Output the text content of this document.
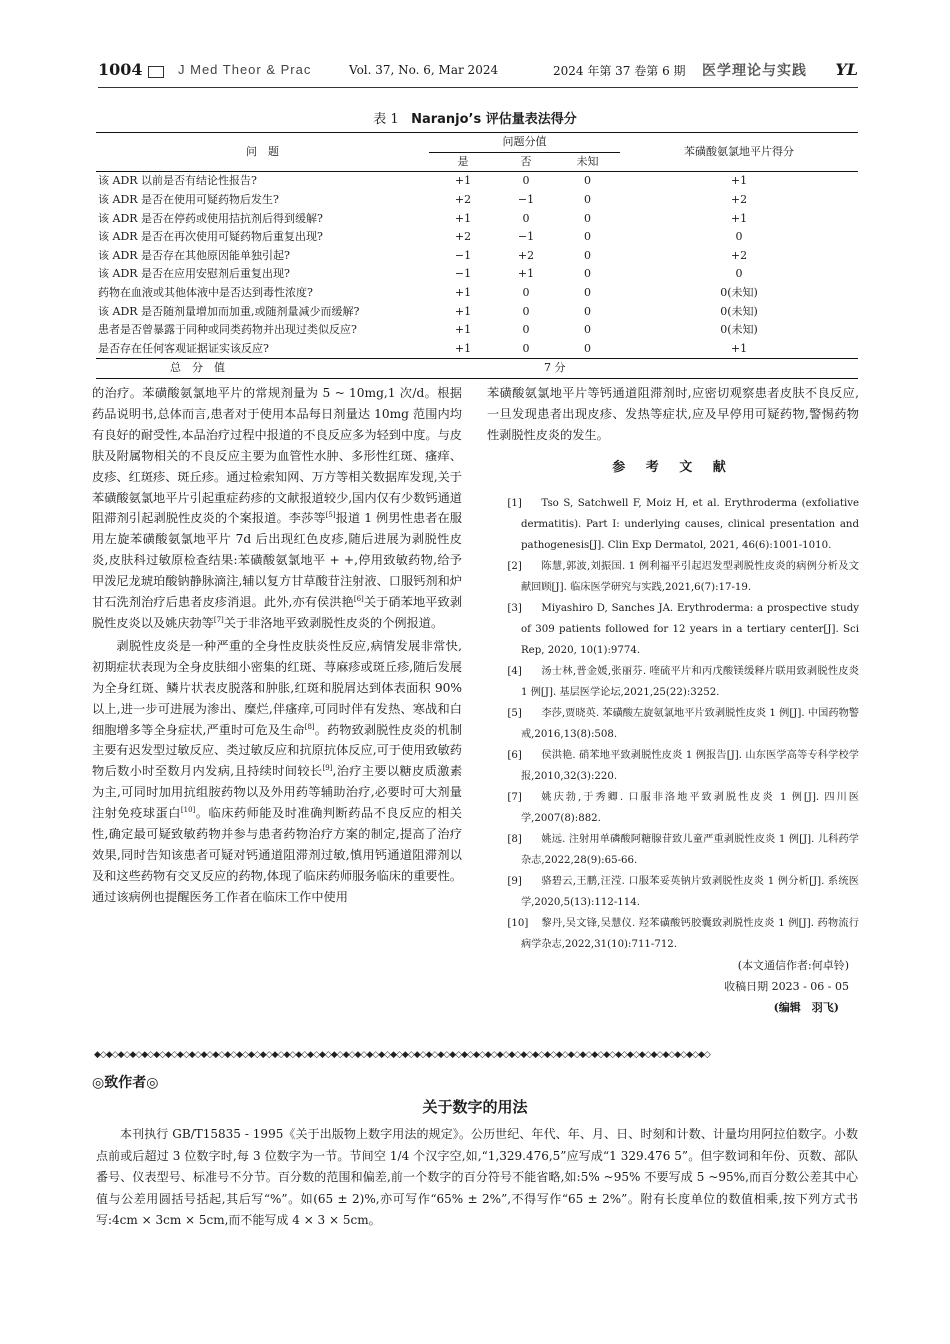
1004	J Med Theor & Prac	Vol. 37, No. 6, Mar 2024	2024 年第 37 卷第 6 期 医学理论与实践 𝒀L
表 1 Naranjo’s 评估量表法得分
问　题	问题分值	苯磺酸氨氯地平片得分
是	否	未知
该 ADR 以前是否有结论性报告?	+1	0	0	+1
该 ADR 是否在使用可疑药物后发生?	+2	−1	0	+2
该 ADR 是否在停药或使用拮抗剂后得到缓解?	+1	0	0	+1
该 ADR 是否在再次使用可疑药物后重复出现?	+2	−1	0	0
该 ADR 是否存在其他原因能单独引起?	−1	+2	0	+2
该 ADR 是否在应用安慰剂后重复出现?	−1	+1	0	0
药物在血液或其他体液中是否达到毒性浓度?	+1	0	0	0(未知)
该 ADR 是否随剂量增加而加重,或随剂量减少而缓解?	+1	0	0	0(未知)
患者是否曾暴露于同种或同类药物并出现过类似反应?	+1	0	0	0(未知)
是否存在任何客观证据证实该反应?	+1	0	0	+1
总　分　值				7 分

的治疗。苯磺酸氨氯地平片的常规剂量为 5 ~ 10mg,1 次/d。根据药品说明书,总体而言,患者对于使用本品每日剂量达 10mg 范围内均有良好的耐受性,本品治疗过程中报道的不良反应多为轻到中度。与皮肤及附属物相关的不良反应主要为血管性水肿、多形性红斑、瘙痒、皮疹、红斑疹、斑丘疹。通过检索知网、万方等相关数据库发现,关于苯磺酸氨氯地平片引起重症药疹的文献报道较少,国内仅有少数钙通道阻滞剂引起剥脱性皮炎的个案报道。李莎等[5]报道 1 例男性患者在服用左旋苯磺酸氨氯地平片 7d 后出现红色皮疹,随后进展为剥脱性皮炎,皮肤科过敏原检查结果:苯磺酸氨氯地平 + +,停用致敏药物,给予甲泼尼龙琥珀酸钠静脉滴注,辅以复方甘草酸苷注射液、口服钙剂和炉甘石洗剂治疗后患者皮疹消退。此外,亦有侯洪艳[6]关于硝苯地平致剥脱性皮炎以及姚庆勃等[7]关于非洛地平致剥脱性皮炎的个例报道。

剥脱性皮炎是一种严重的全身性皮肤炎性反应,病情发展非常快,初期症状表现为全身皮肤细小密集的红斑、荨麻疹或斑丘疹,随后发展为全身红斑、鳞片状表皮脱落和肿胀,红斑和脱屑达到体表面积 90% 以上,进一步可进展为渗出、糜烂,伴瘙痒,可同时伴有发热、寒战和白细胞增多等全身症状,严重时可危及生命[8]。药物致剥脱性皮炎的机制主要有迟发型过敏反应、类过敏反应和抗原抗体反应,可于使用致敏药物后数小时至数月内发病,且持续时间较长[9],治疗主要以糖皮质激素为主,可同时加用抗组胺药物以及外用药等辅助治疗,必要时可大剂量注射免疫球蛋白[10]。临床药师能及时准确判断药品不良反应的相关性,确定最可疑致敏药物并参与患者药物治疗方案的制定,提高了治疗效果,同时告知该患者可疑对钙通道阻滞剂过敏,慎用钙通道阻滞剂以及和这些药物有交叉反应的药物,体现了临床药师服务临床的重要性。通过该病例也提醒医务工作者在临床工作中使用

苯磺酸氨氯地平片等钙通道阻滞剂时,应密切观察患者皮肤不良反应,一旦发现患者出现皮疹、发热等症状,应及早停用可疑药物,警惕药物性剥脱性皮炎的发生。

参 考 文 献

[1] Tso S, Satchwell F, Moiz H, et al. Erythroderma (exfoliative dermatitis). Part I: underlying causes, clinical presentation and pathogenesis[J]. Clin Exp Dermatol, 2021, 46(6):1001-1010.

[2] 陈慧,郭波,刘振国. 1 例利福平引起迟发型剥脱性皮炎的病例分析及文献回顾[J]. 临床医学研究与实践,2021,6(7):17-19.

[3] Miyashiro D, Sanches JA. Erythroderma: a prospective study of 309 patients followed for 12 years in a tertiary center[J]. Sci Rep, 2020, 10(1):9774.

[4] 汤士林,普金媛,张丽芬. 喹硫平片和丙戊酸镁缓释片联用致剥脱性皮炎 1 例[J]. 基层医学论坛,2021,25(22):3252.

[5] 李莎,贾晓英. 苯磺酸左旋氨氯地平片致剥脱性皮炎 1 例[J]. 中国药物警戒,2016,13(8):508.

[6] 侯洪艳. 硝苯地平致剥脱性皮炎 1 例报告[J]. 山东医学高等专科学校学报,2010,32(3):220.

[7] 姚庆勃,于秀卿. 口服非洛地平致剥脱性皮炎 1 例[J]. 四川医学,2007(8):882.

[8] 姚远. 注射用单磷酸阿糖腺苷致儿童严重剥脱性皮炎 1 例[J]. 儿科药学杂志,2022,28(9):65-66.

[9] 骆碧云,王鹏,汪滢. 口服苯妥英钠片致剥脱性皮炎 1 例分析[J]. 系统医学,2020,5(13):112-114.

[10] 黎丹,吴文锋,吴慧仪. 羟苯磺酸钙胶囊致剥脱性皮炎 1 例[J]. 药物流行病学杂志,2022,31(10):711-712.

(本文通信作者:何卓铃)

收稿日期 2023 - 06 - 05

(编辑　羽飞)

◆◇◆◇◆◇◆◇◆◇◆◇◆◇◆◇◆◇◆◇◆◇◆◇◆◇◆◇◆◇◆◇◆◇◆◇◆◇◆◇◆◇◆◇◆◇◆◇◆◇◆◇◆◇◆◇◆◇◆◇◆◇◆◇◆◇◆◇◆◇◆◇◆◇◆◇◆◇◆◇◆◇◆◇◆◇◆◇◆◇◆◇◆◇◆◇◆◇◆◇◆◇◆◇
◎致作者◎
关于数字的用法
本刊执行 GB/T15835 - 1995《关于出版物上数字用法的规定》。公历世纪、年代、年、月、日、时刻和计数、计量均用阿拉伯数字。小数点前或后超过 3 位数字时,每 3 位数字为一节。节间空 1/4 个汉字空,如,“1,329.476,5”应写成“1 329.476 5”。但字数词和年份、页数、部队番号、仪表型号、标准号不分节。百分数的范围和偏差,前一个数字的百分符号不能省略,如:5% ~95% 不要写成 5 ~95%,而百分数公差其中心值与公差用圆括号括起,其后写“%”。如(65 ± 2)%,亦可写作“65% ± 2%”,不得写作“65 ± 2%”。附有长度单位的数值相乘,按下列方式书写:4cm × 3cm × 5cm,而不能写成 4 × 3 × 5cm。
